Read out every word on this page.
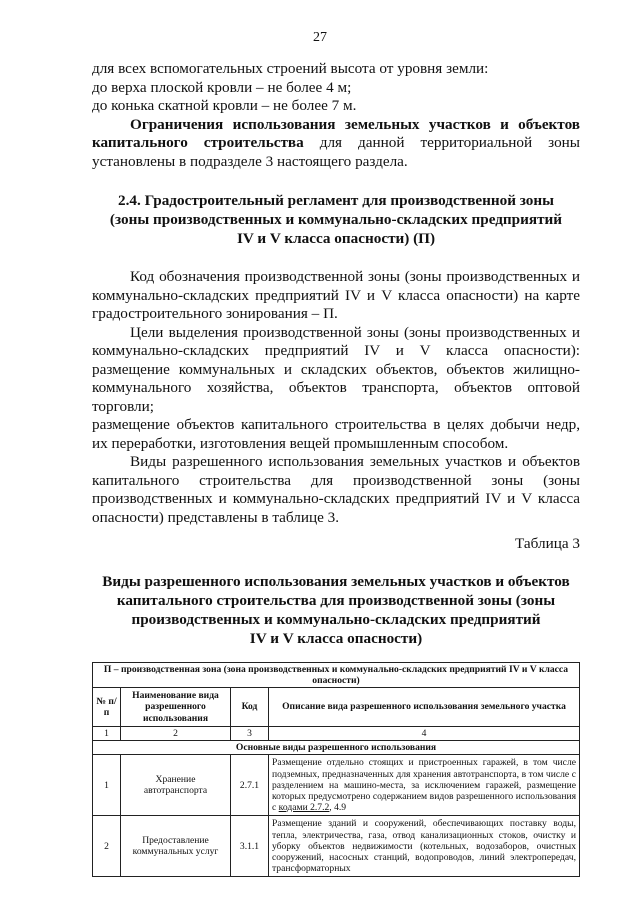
27

для всех вспомогательных строений высота от уровня земли:

до верха плоской кровли – не более 4 м;

до конька скатной кровли – не более 7 м.

Ограничения использования земельных участков и объектов капитального строительства для данной территориальной зоны установлены в подразделе 3 настоящего раздела.

2.4. Градостроительный регламент для производственной зоны

(зоны производственных и коммунально-складских предприятий

IV и V класса опасности) (П)

Код обозначения производственной зоны (зоны производственных и коммунально-складских предприятий IV и V класса опасности) на карте градостроительного зонирования – П.

Цели выделения производственной зоны (зоны производственных и коммунально-складских предприятий IV и V класса опасности): размещение коммунальных и складских объектов, объектов жилищно-коммунального хозяйства, объектов транспорта, объектов оптовой торговли;

размещение объектов капитального строительства в целях добычи недр, их переработки, изготовления вещей промышленным способом.

Виды разрешенного использования земельных участков и объектов капитального строительства для производственной зоны (зоны производственных и коммунально-складских предприятий IV и V класса опасности) представлены в таблице 3.

Таблица 3

Виды разрешенного использования земельных участков и объектов

капитального строительства для производственной зоны (зоны

производственных и коммунально-складских предприятий

IV и V класса опасности)

П – производственная зона (зона производственных и коммунально-складских предприятий IV и V класса опасности)			
№ п/п	Наименование вида разрешенного использования	Код	Описание вида разрешенного использования земельного участка
1	2	3	4
Основные виды разрешенного использования			
1	Хранение автотранспорта	2.7.1	Размещение отдельно стоящих и пристроенных гаражей, в том числе подземных, предназначенных для хранения автотранспорта, в том числе с разделением на машино-места, за исключением гаражей, размещение которых предусмотрено содержанием видов разрешенного использования с кодами 2.7.2, 4.9
2	Предоставление коммунальных услуг	3.1.1	Размещение зданий и сооружений, обеспечивающих поставку воды, тепла, электричества, газа, отвод канализационных стоков, очистку и уборку объектов недвижимости (котельных, водозаборов, очистных сооружений, насосных станций, водопроводов, линий электропередач, трансформаторных
